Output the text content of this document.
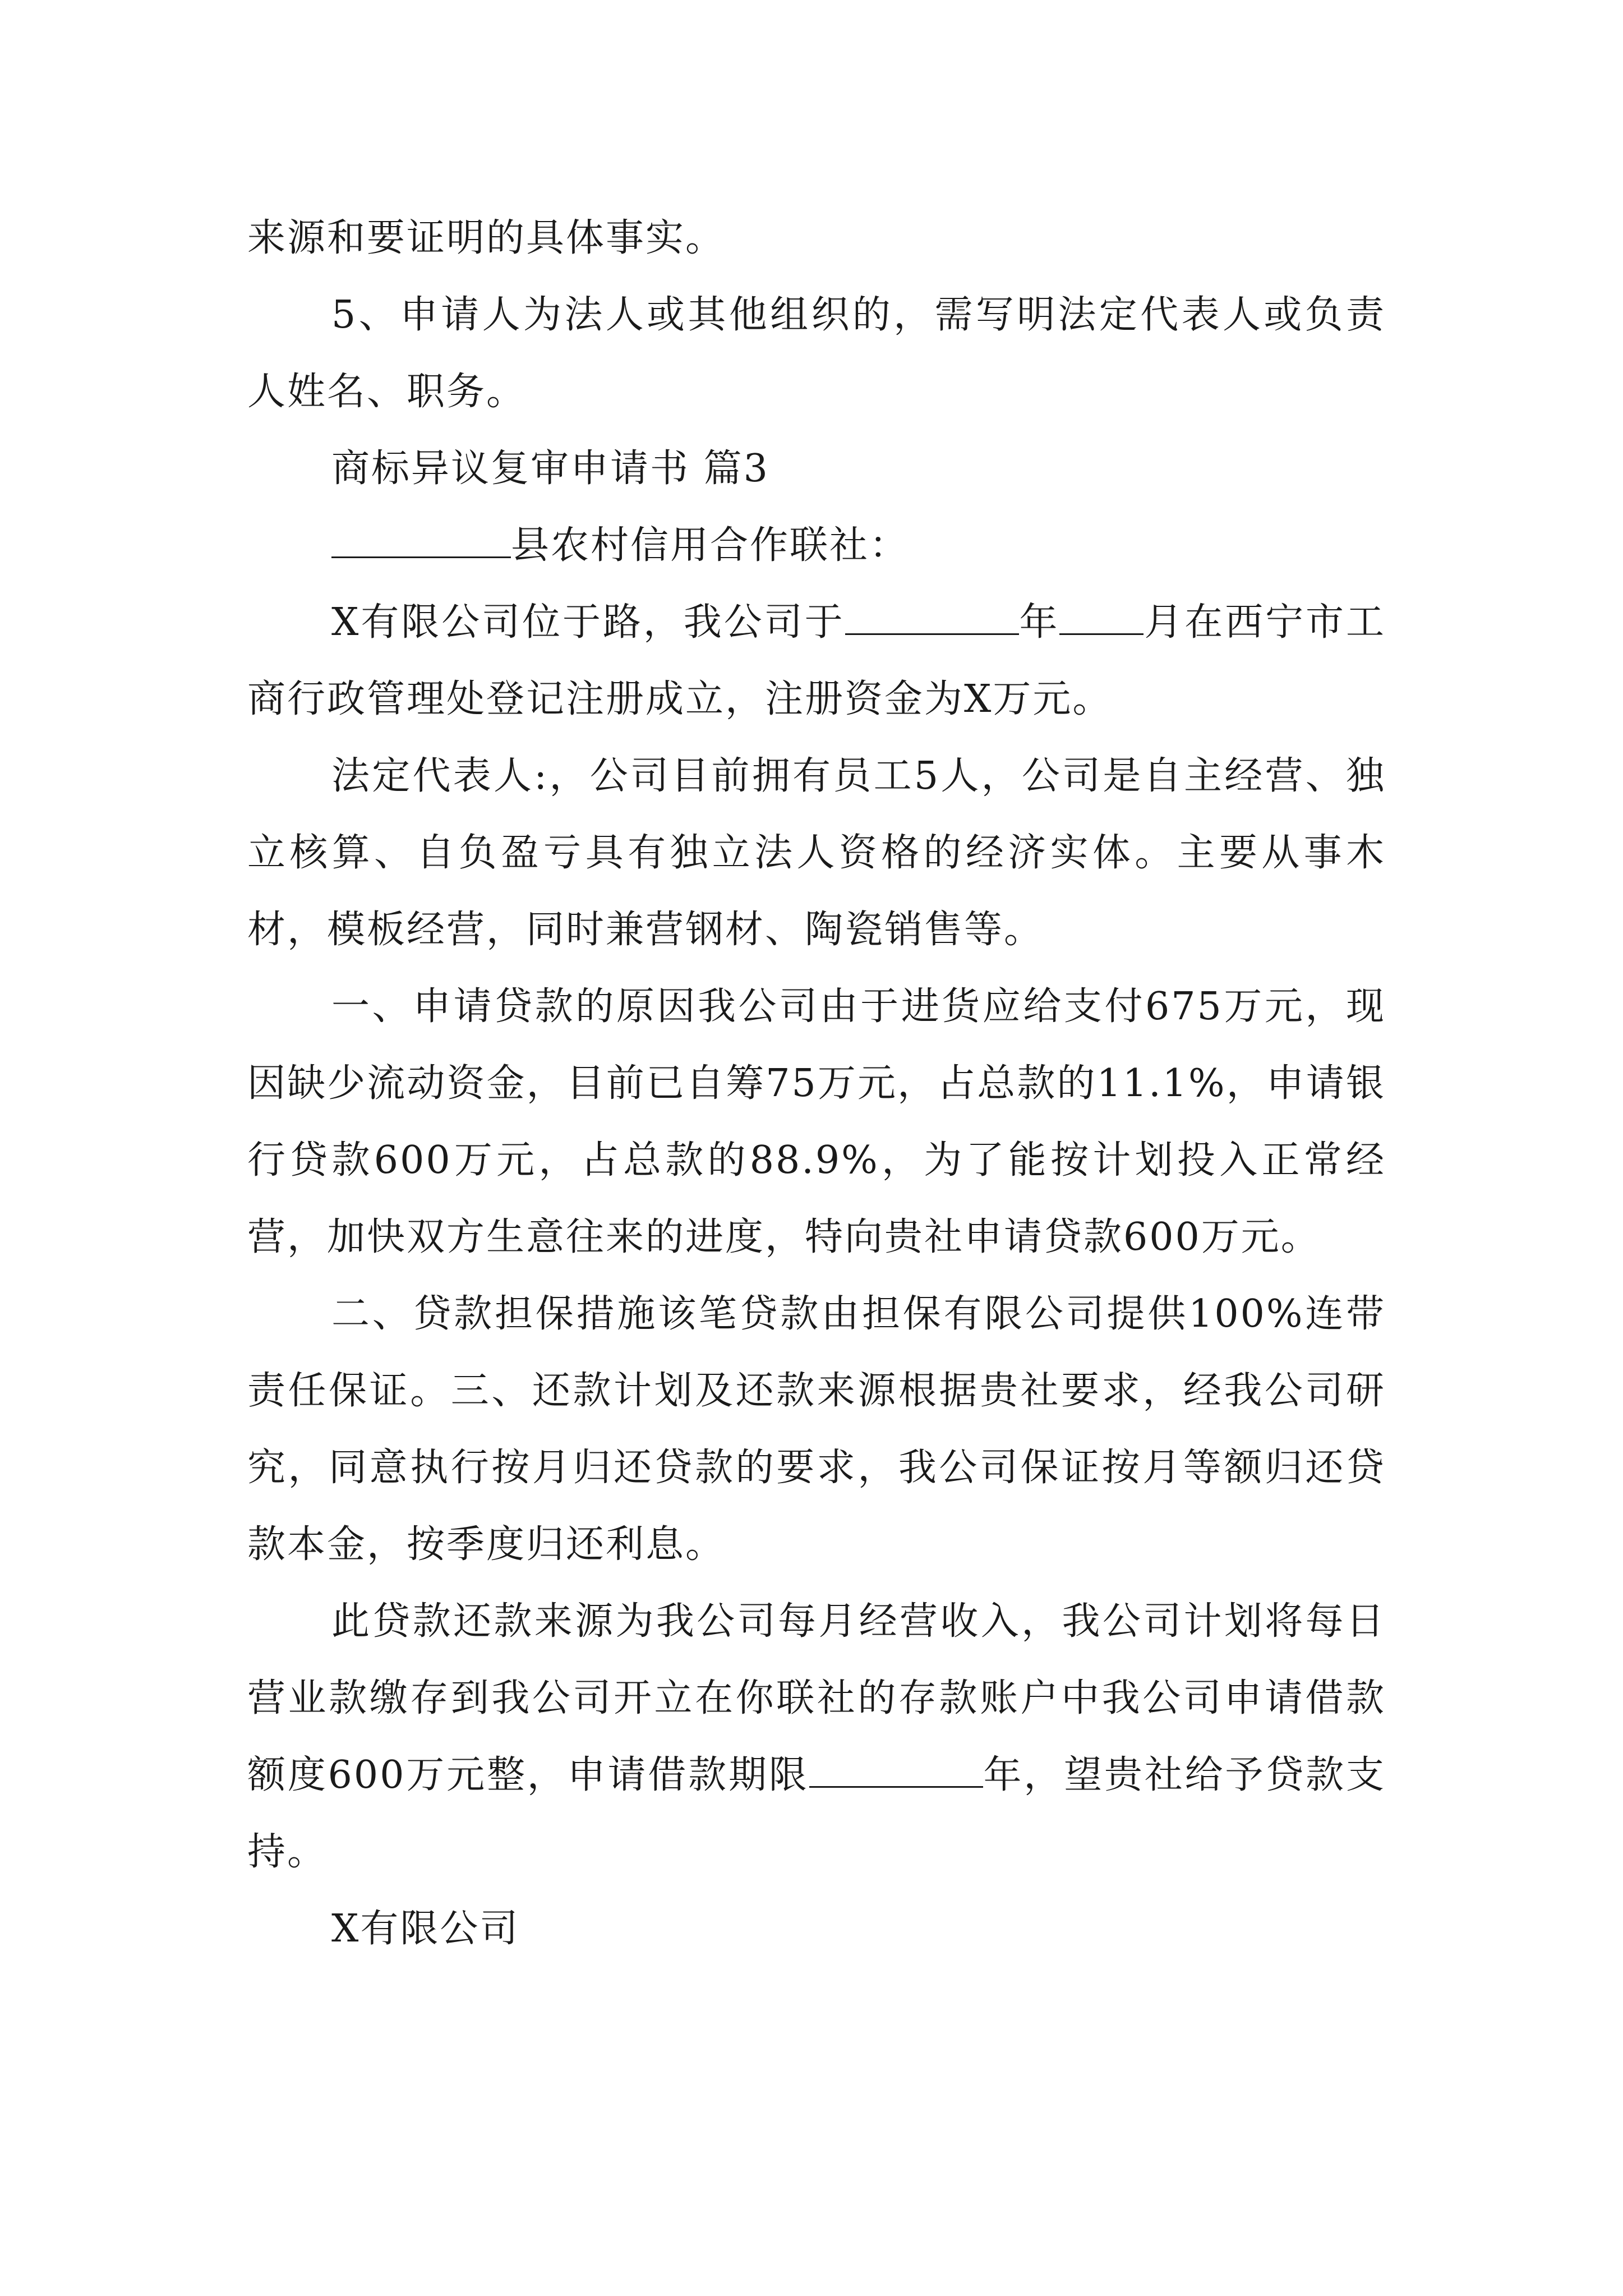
来源和要证明的具体事实。

5、申请人为法人或其他组织的，需写明法定代表人或负责人姓名、职务。

商标异议复审申请书 篇3

县农村信用合作联社：

X有限公司位于路，我公司于	年 月在西宁市工商行政管理处登记注册成立，注册资金为X万元。

法定代表人:，公司目前拥有员工5人，公司是自主经营、独立核算、自负盈亏具有独立法人资格的经济实体。主要从事木材，模板经营，同时兼营钢材、陶瓷销售等。

一、申请贷款的原因我公司由于进货应给支付675万元，现因缺少流动资金，目前已自筹75万元，占总款的11.1%，申请银行贷款600万元，占总款的88.9%，为了能按计划投入正常经营，加快双方生意往来的进度，特向贵社申请贷款600万元。

二、贷款担保措施该笔贷款由担保有限公司提供100%连带责任保证。三、还款计划及还款来源根据贵社要求，经我公司研究，同意执行按月归还贷款的要求，我公司保证按月等额归还贷款本金，按季度归还利息。

此贷款还款来源为我公司每月经营收入，我公司计划将每日营业款缴存到我公司开立在你联社的存款账户中我公司申请借款额度600万元整，申请借款期限	年，望贵社给予贷款支持。

X有限公司
